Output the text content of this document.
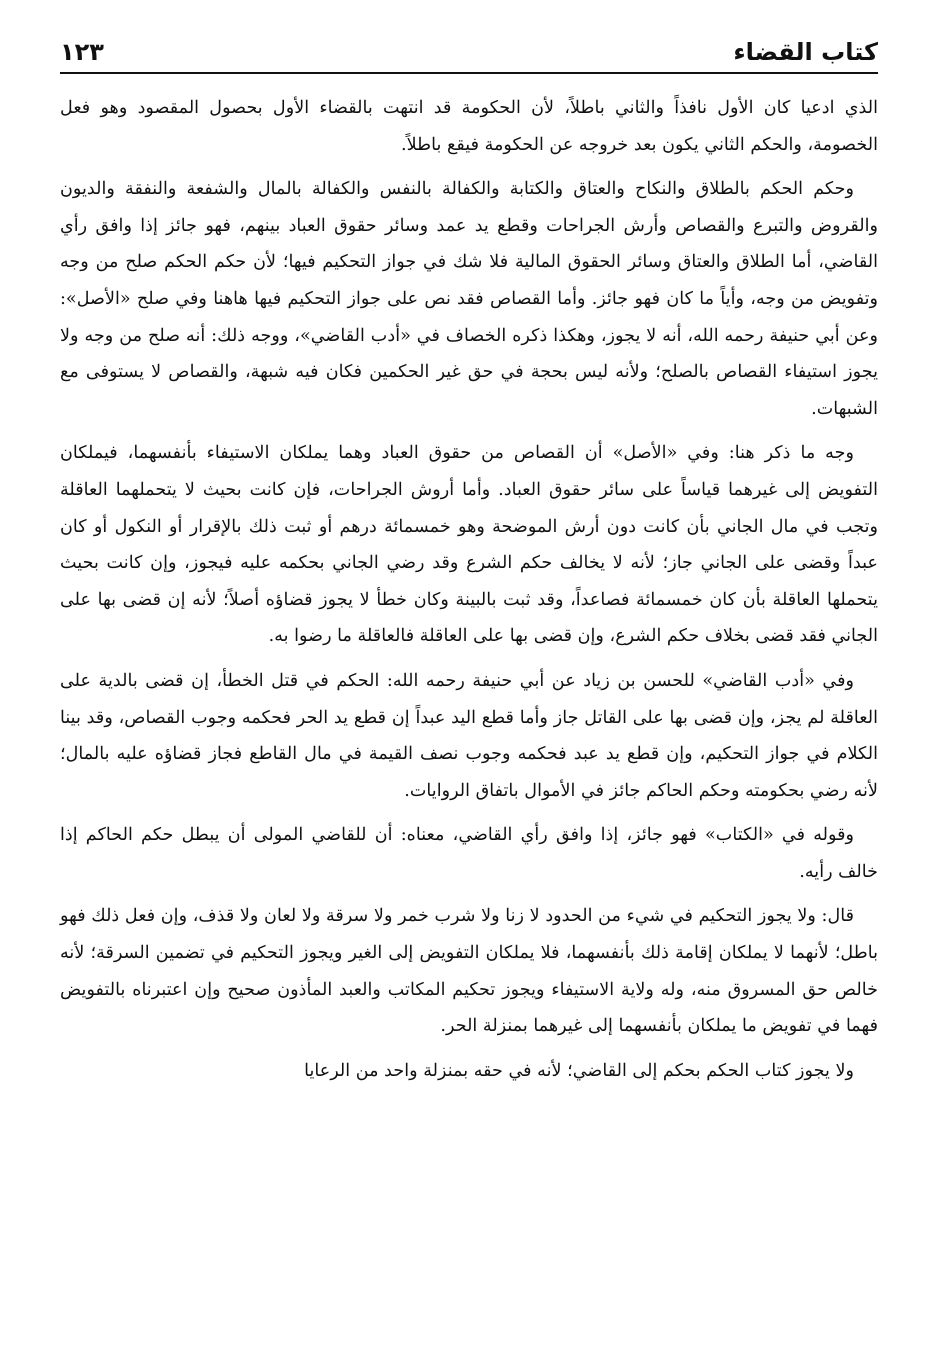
كتاب القضاء
١٢٣

الذي ادعيا كان الأول نافذاً والثاني باطلاً، لأن الحكومة قد انتهت بالقضاء الأول بحصول المقصود وهو فعل الخصومة، والحكم الثاني يكون بعد خروجه عن الحكومة فيقع باطلاً.

وحكم الحكم بالطلاق والنكاح والعتاق والكتابة والكفالة بالنفس والكفالة بالمال والشفعة والنفقة والديون والقروض والتبرع والقصاص وأرش الجراحات وقطع يد عمد وسائر حقوق العباد بينهم، فهو جائز إذا وافق رأي القاضي، أما الطلاق والعتاق وسائر الحقوق المالية فلا شك في جواز التحكيم فيها؛ لأن حكم الحكم صلح من وجه وتفويض من وجه، وأياً ما كان فهو جائز. وأما القصاص فقد نص على جواز التحكيم فيها هاهنا وفي صلح «الأصل»: وعن أبي حنيفة رحمه الله، أنه لا يجوز، وهكذا ذكره الخصاف في «أدب القاضي»، ووجه ذلك: أنه صلح من وجه ولا يجوز استيفاء القصاص بالصلح؛ ولأنه ليس بحجة في حق غير الحكمين فكان فيه شبهة، والقصاص لا يستوفى مع الشبهات.

وجه ما ذكر هنا: وفي «الأصل» أن القصاص من حقوق العباد وهما يملكان الاستيفاء بأنفسهما، فيملكان التفويض إلى غيرهما قياساً على سائر حقوق العباد. وأما أروش الجراحات، فإن كانت بحيث لا يتحملهما العاقلة وتجب في مال الجاني بأن كانت دون أرش الموضحة وهو خمسمائة درهم أو ثبت ذلك بالإقرار أو النكول أو كان عبداً وقضى على الجاني جاز؛ لأنه لا يخالف حكم الشرع وقد رضي الجاني بحكمه عليه فيجوز، وإن كانت بحيث يتحملها العاقلة بأن كان خمسمائة فصاعداً، وقد ثبت بالبينة وكان خطأ لا يجوز قضاؤه أصلاً؛ لأنه إن قضى بها على الجاني فقد قضى بخلاف حكم الشرع، وإن قضى بها على العاقلة فالعاقلة ما رضوا به.

وفي «أدب القاضي» للحسن بن زياد عن أبي حنيفة رحمه الله: الحكم في قتل الخطأ، إن قضى بالدية على العاقلة لم يجز، وإن قضى بها على القاتل جاز وأما قطع اليد عبداً إن قطع يد الحر فحكمه وجوب القصاص، وقد بينا الكلام في جواز التحكيم، وإن قطع يد عبد فحكمه وجوب نصف القيمة في مال القاطع فجاز قضاؤه عليه بالمال؛ لأنه رضي بحكومته وحكم الحاكم جائز في الأموال باتفاق الروايات.

وقوله في «الكتاب» فهو جائز، إذا وافق رأي القاضي، معناه: أن للقاضي المولى أن يبطل حكم الحاكم إذا خالف رأيه.

قال: ولا يجوز التحكيم في شيء من الحدود لا زنا ولا شرب خمر ولا سرقة ولا لعان ولا قذف، وإن فعل ذلك فهو باطل؛ لأنهما لا يملكان إقامة ذلك بأنفسهما، فلا يملكان التفويض إلى الغير ويجوز التحكيم في تضمين السرقة؛ لأنه خالص حق المسروق منه، وله ولاية الاستيفاء ويجوز تحكيم المكاتب والعبد المأذون صحيح وإن اعتبرناه بالتفويض فهما في تفويض ما يملكان بأنفسهما إلى غيرهما بمنزلة الحر.

ولا يجوز كتاب الحكم بحكم إلى القاضي؛ لأنه في حقه بمنزلة واحد من الرعايا
